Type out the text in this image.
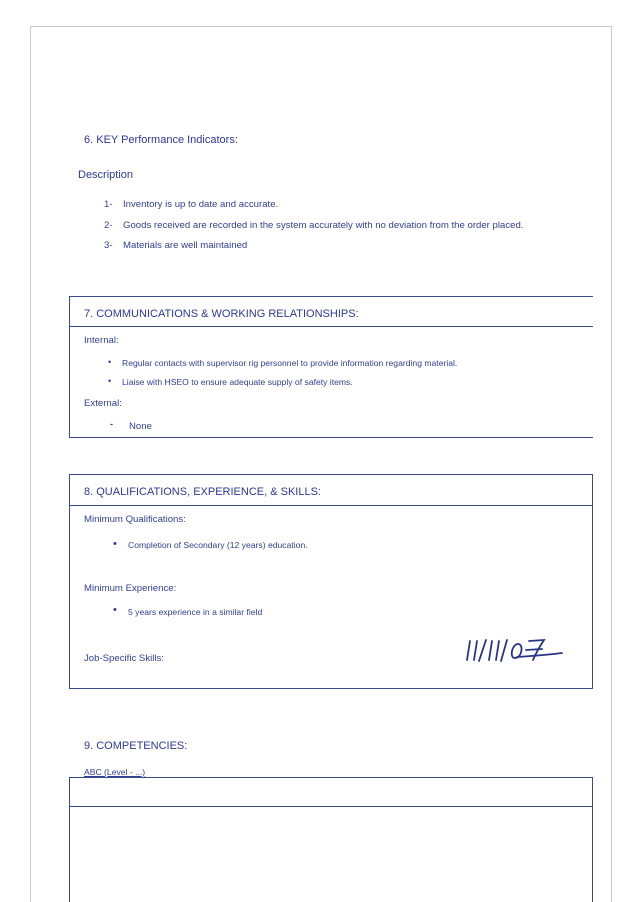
6. KEY Performance Indicators:
Description
1- Inventory is up to date and accurate.
2- Goods received are recorded in the system accurately with no deviation from the order placed.
3- Materials are well maintained
7. COMMUNICATIONS & WORKING RELATIONSHIPS:
Internal:
• Regular contacts with supervisor rig personnel to provide information regarding material.
• Liaise with HSEO to ensure adequate supply of safety items.
External:
- None
8. QUALIFICATIONS, EXPERIENCE, & SKILLS:
Minimum Qualifications:
• Completion of Secondary (12 years) education.
Minimum Experience:
• 5 years experience in a similar field
Job-Specific Skills:
9. COMPETENCIES:
ABC (Level - ...)
